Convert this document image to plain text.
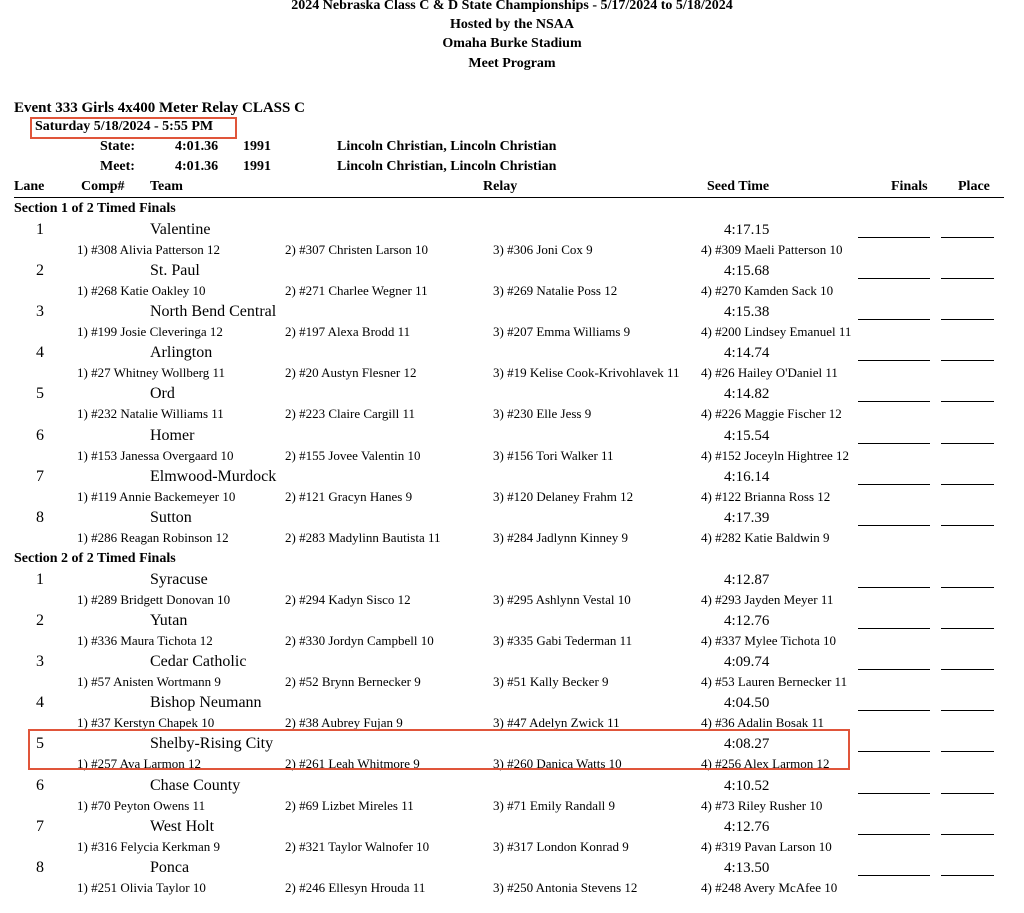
2024 Nebraska Class C & D State Championships - 5/17/2024 to 5/18/2024
Hosted by the NSAA
Omaha Burke Stadium
Meet Program
Event 333 Girls 4x400 Meter Relay CLASS C
Saturday 5/18/2024 - 5:55 PM
State:	4:01.36 1991	Lincoln Christian, Lincoln Christian
Meet:	4:01.36 1991	Lincoln Christian, Lincoln Christian
Lane	Comp# Team	Relay	Seed Time	Finals Place
Section 1 of 2 Timed Finals
1	Valentine	4:17.15
1) #308 Alivia Patterson 12	2) #307 Christen Larson 10	3) #306 Joni Cox 9	4) #309 Maeli Patterson 10
2	St. Paul	4:15.68
1) #268 Katie Oakley 10	2) #271 Charlee Wegner 11	3) #269 Natalie Poss 12	4) #270 Kamden Sack 10
3	North Bend Central	4:15.38
1) #199 Josie Cleveringa 12	2) #197 Alexa Brodd 11	3) #207 Emma Williams 9	4) #200 Lindsey Emanuel 11
4	Arlington	4:14.74
1) #27 Whitney Wollberg 11	2) #20 Austyn Flesner 12	3) #19 Kelise Cook-Krivohlavek 11 4) #26 Hailey O'Daniel 11
5	Ord	4:14.82
1) #232 Natalie Williams 11	2) #223 Claire Cargill 11	3) #230 Elle Jess 9	4) #226 Maggie Fischer 12
6	Homer	4:15.54
1) #153 Janessa Overgaard 10	2) #155 Jovee Valentin 10	3) #156 Tori Walker 11	4) #152 Joceyln Hightree 12
7	Elmwood-Murdock	4:16.14
1) #119 Annie Backemeyer 10	2) #121 Gracyn Hanes 9	3) #120 Delaney Frahm 12	4) #122 Brianna Ross 12
8	Sutton	4:17.39
1) #286 Reagan Robinson 12	2) #283 Madylinn Bautista 11	3) #284 Jadlynn Kinney 9	4) #282 Katie Baldwin 9
Section 2 of 2 Timed Finals
1	Syracuse	4:12.87
1) #289 Bridgett Donovan 10	2) #294 Kadyn Sisco 12	3) #295 Ashlynn Vestal 10	4) #293 Jayden Meyer 11
2	Yutan	4:12.76
1) #336 Maura Tichota 12	2) #330 Jordyn Campbell 10	3) #335 Gabi Tederman 11	4) #337 Mylee Tichota 10
3	Cedar Catholic	4:09.74
1) #57 Anisten Wortmann 9	2) #52 Brynn Bernecker 9	3) #51 Kally Becker 9	4) #53 Lauren Bernecker 11
4	Bishop Neumann	4:04.50
1) #37 Kerstyn Chapek 10	2) #38 Aubrey Fujan 9	3) #47 Adelyn Zwick 11	4) #36 Adalin Bosak 11
5	Shelby-Rising City	4:08.27
1) #257 Ava Larmon 12	2) #261 Leah Whitmore 9	3) #260 Danica Watts 10	4) #256 Alex Larmon 12
6	Chase County	4:10.52
1) #70 Peyton Owens 11	2) #69 Lizbet Mireles 11	3) #71 Emily Randall 9	4) #73 Riley Rusher 10
7	West Holt	4:12.76
1) #316 Felycia Kerkman 9	2) #321 Taylor Walnofer 10	3) #317 London Konrad 9	4) #319 Pavan Larson 10
8	Ponca	4:13.50
1) #251 Olivia Taylor 10	2) #246 Ellesyn Hrouda 11	3) #250 Antonia Stevens 12	4) #248 Avery McAfee 10
